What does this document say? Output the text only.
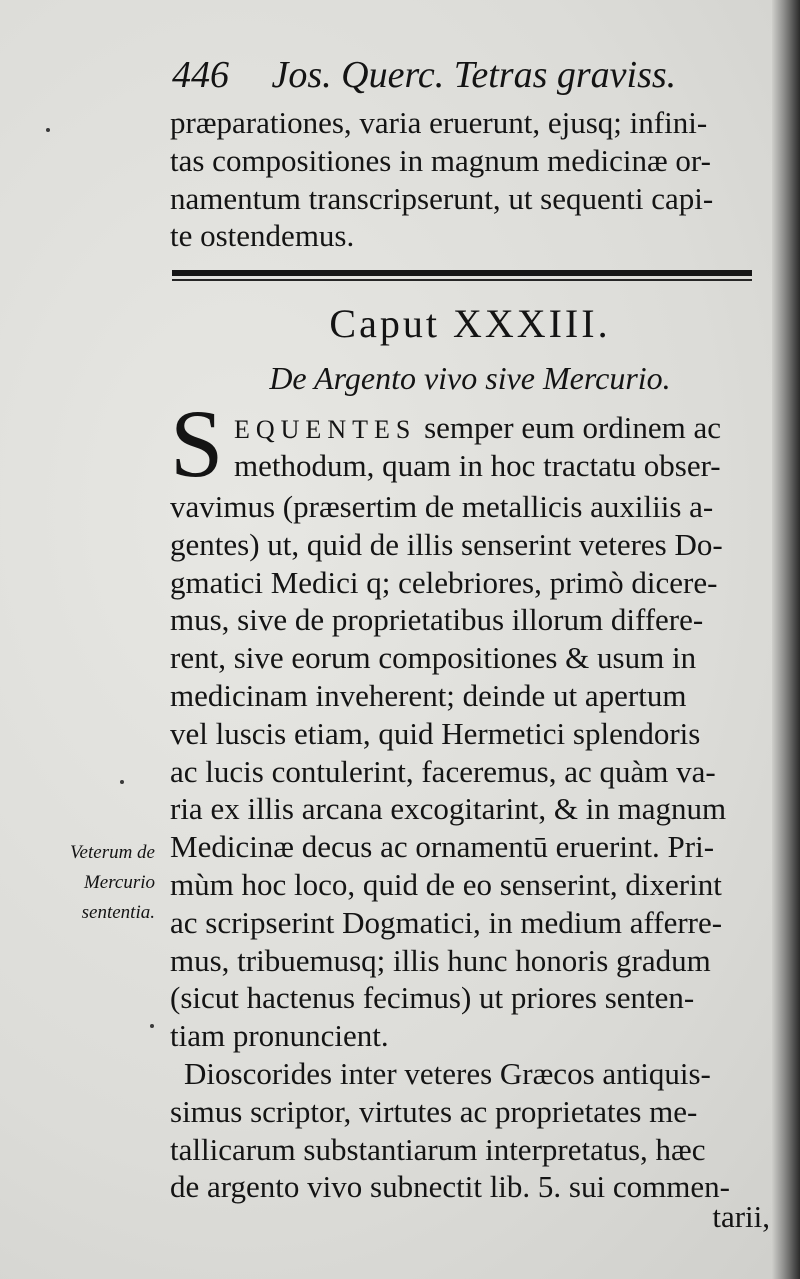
446 Jos. Querc. Tetras graviss.
præparationes, varia eruerunt, ejusq; infini-
tas compositiones in magnum medicinæ or-
namentum transcripserunt, ut sequenti capi-
te ostendemus.
Caput XXXIII.
De Argento vivo sive Mercurio.
S EQUENTES semper eum ordinem ac
methodum, quam in hoc tractatu obser-
vavimus (præsertim de metallicis auxiliis a-
gentes) ut, quid de illis senserint veteres Do-
gmatici Medici q; celebriores, primò dicere-
mus, sive de proprietatibus illorum differe-
rent, sive eorum compositiones & usum in
medicinam inveherent; deinde ut apertum
vel luscis etiam, quid Hermetici splendoris
ac lucis contulerint, faceremus, ac quàm va-
ria ex illis arcana excogitarint, & in magnum
Medicinæ decus ac ornamentū eruerint. Pri-
mùm hoc loco, quid de eo senserint, dixerint
ac scripserint Dogmatici, in medium afferre-
mus, tribuemusq; illis hunc honoris gradum
(sicut hactenus fecimus) ut priores senten-
tiam pronuncient.
Dioscorides inter veteres Græcos antiquis-
simus scriptor, virtutes ac proprietates me-
tallicarum substantiarum interpretatus, hæc
de argento vivo subnectit lib. 5. sui commen-
tarii,
Veterum de
Mercurio
sententia.
